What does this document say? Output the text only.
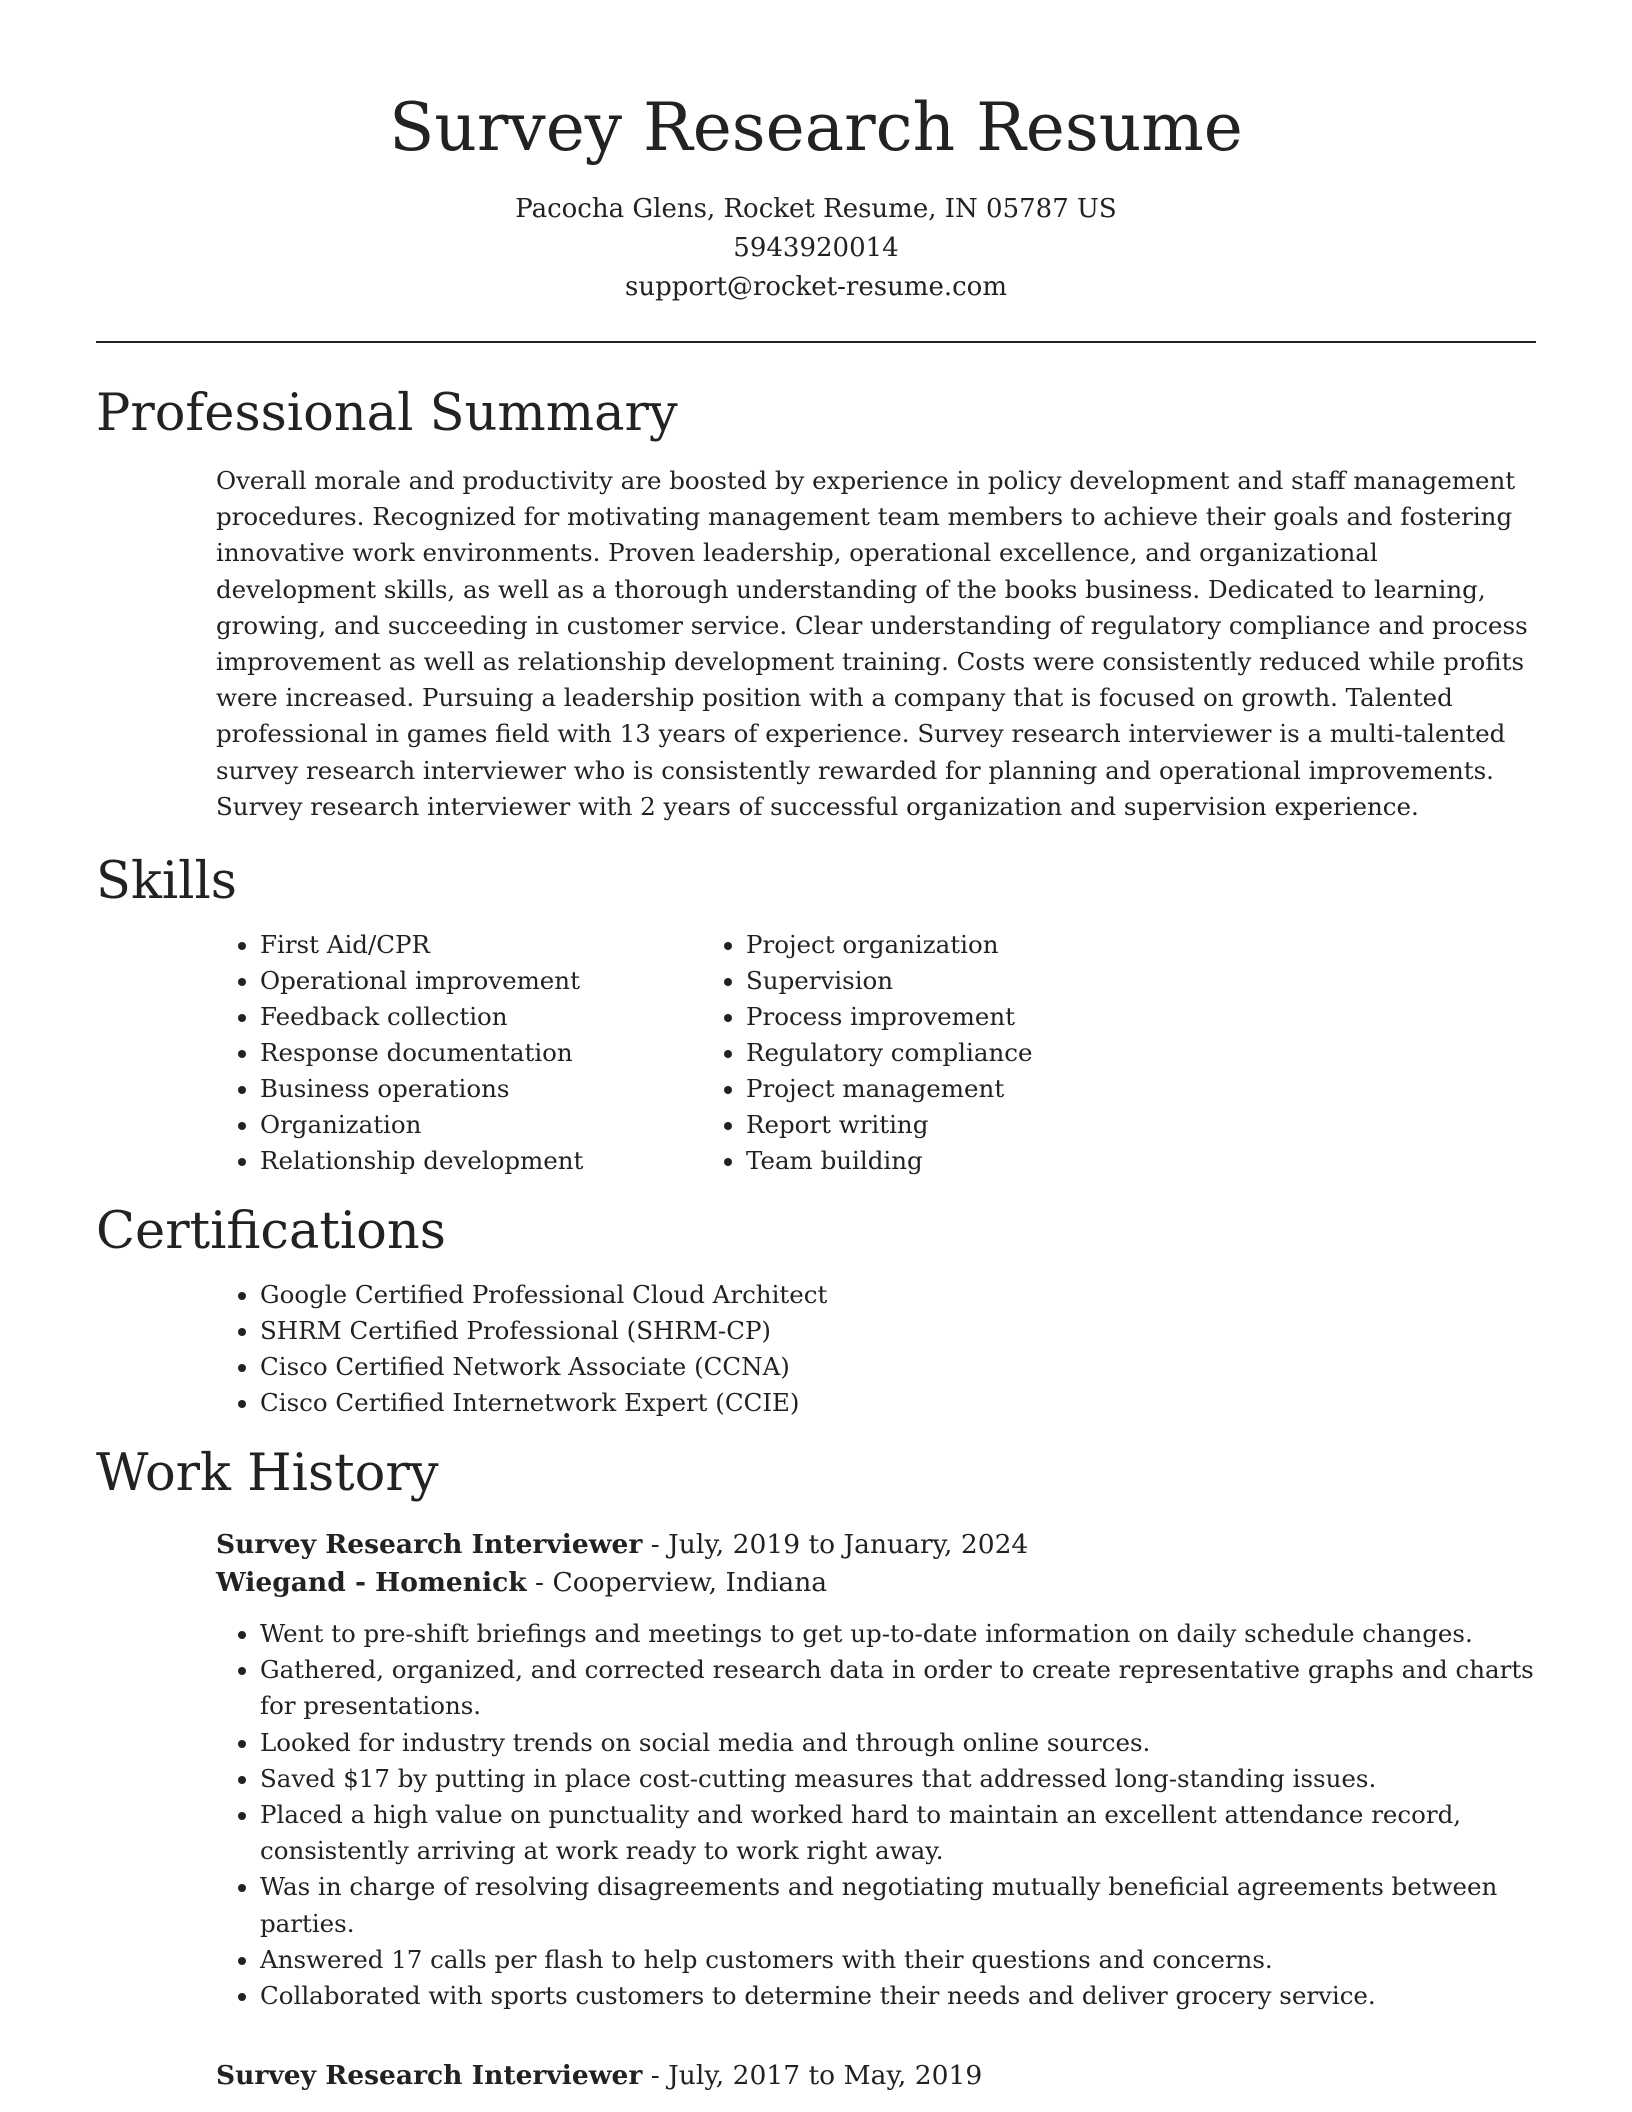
Survey Research Resume
Pacocha Glens, Rocket Resume, IN 05787 US
5943920014
support@rocket-resume.com
Professional Summary

Overall morale and productivity are boosted by experience in policy development and staff management procedures. Recognized for motivating management team members to achieve their goals and fostering innovative work environments. Proven leadership, operational excellence, and organizational development skills, as well as a thorough understanding of the books business. Dedicated to learning, growing, and succeeding in customer service. Clear understanding of regulatory compliance and process improvement as well as relationship development training. Costs were consistently reduced while profits were increased. Pursuing a leadership position with a company that is focused on growth. Talented professional in games field with 13 years of experience. Survey research interviewer is a multi-talented survey research interviewer who is consistently rewarded for planning and operational improvements. Survey research interviewer with 2 years of successful organization and supervision experience.

Skills
• First Aid/CPR
• Operational improvement
• Feedback collection
• Response documentation
• Business operations
• Organization
• Relationship development
• Project organization
• Supervision
• Process improvement
• Regulatory compliance
• Project management
• Report writing
• Team building
Certifications
• Google Certified Professional Cloud Architect
• SHRM Certified Professional (SHRM-CP)
• Cisco Certified Network Associate (CCNA)
• Cisco Certified Internetwork Expert (CCIE)
Work History
Survey Research Interviewer - July, 2019 to January, 2024
Wiegand - Homenick - Cooperview, Indiana
• Went to pre-shift briefings and meetings to get up-to-date information on daily schedule changes.
• Gathered, organized, and corrected research data in order to create representative graphs and charts for presentations.
• Looked for industry trends on social media and through online sources.
• Saved $17 by putting in place cost-cutting measures that addressed long-standing issues.
• Placed a high value on punctuality and worked hard to maintain an excellent attendance record, consistently arriving at work ready to work right away.
• Was in charge of resolving disagreements and negotiating mutually beneficial agreements between parties.
• Answered 17 calls per flash to help customers with their questions and concerns.
• Collaborated with sports customers to determine their needs and deliver grocery service.
Survey Research Interviewer - July, 2017 to May, 2019
